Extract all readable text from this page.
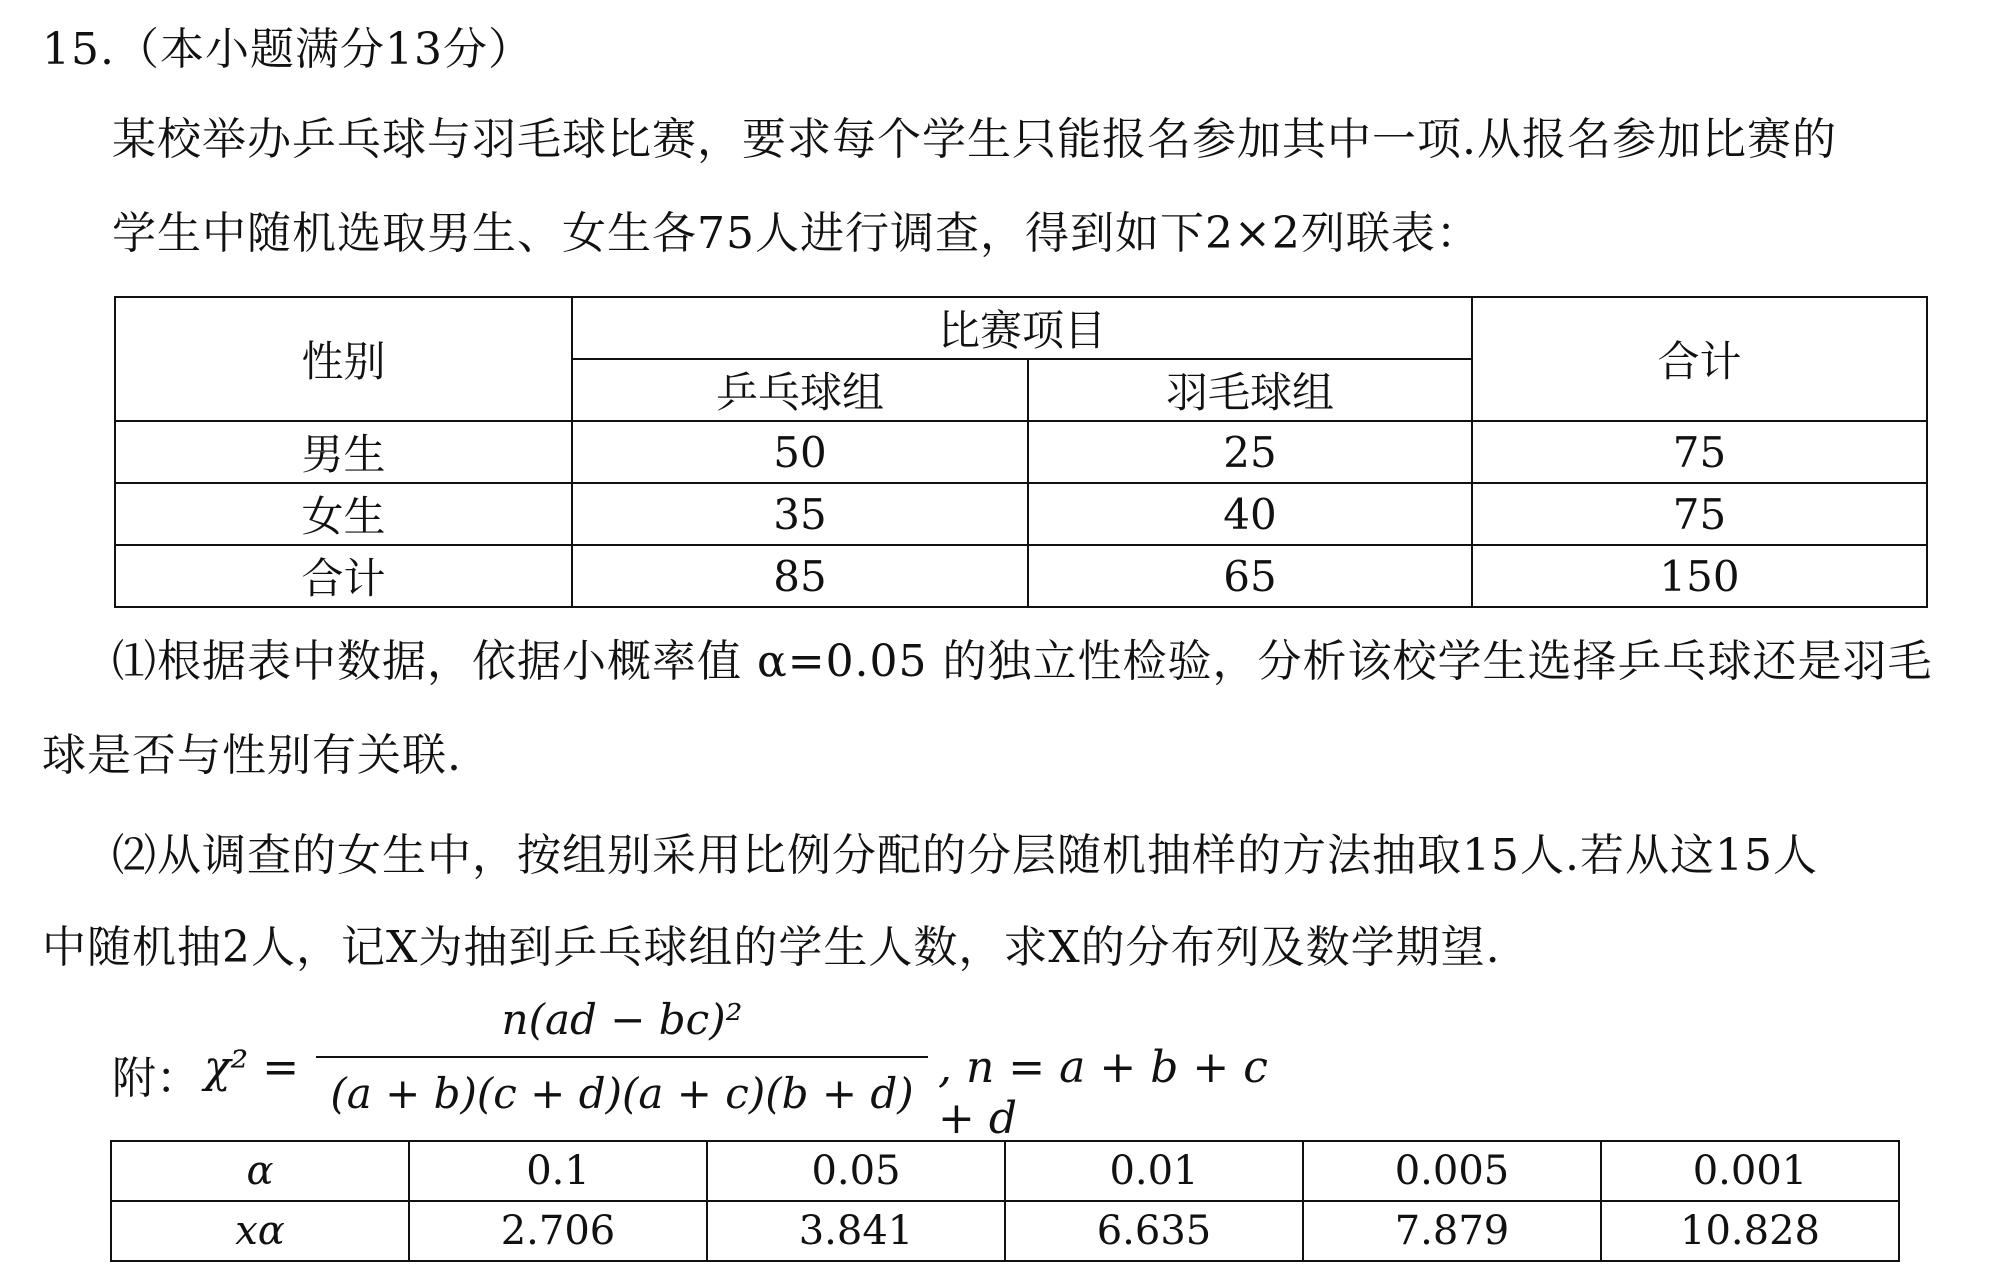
15.（本小题满分13分）
某校举办乒乓球与羽毛球比赛，要求每个学生只能报名参加其中一项.从报名参加比赛的
学生中随机选取男生、女生各75人进行调查，得到如下2×2列联表：
性别	比赛项目		合计
	乒乓球组	羽毛球组	
男生	50	25	75
女生	35	40	75
合计	85	65	150
⑴根据表中数据，依据小概率值 α=0.05 的独立性检验，分析该校学生选择乒乓球还是羽毛
球是否与性别有关联.
⑵从调查的女生中，按组别采用比例分配的分层随机抽样的方法抽取15人.若从这15人
中随机抽2人，记X为抽到乒乓球组的学生人数，求X的分布列及数学期望.
附： χ² =
n(ad − bc)²
(a + b)(c + d)(a + c)(b + d)
, n = a + b + c + d
α	0.1	0.05	0.01	0.005	0.001
xα	2.706	3.841	6.635	7.879	10.828
